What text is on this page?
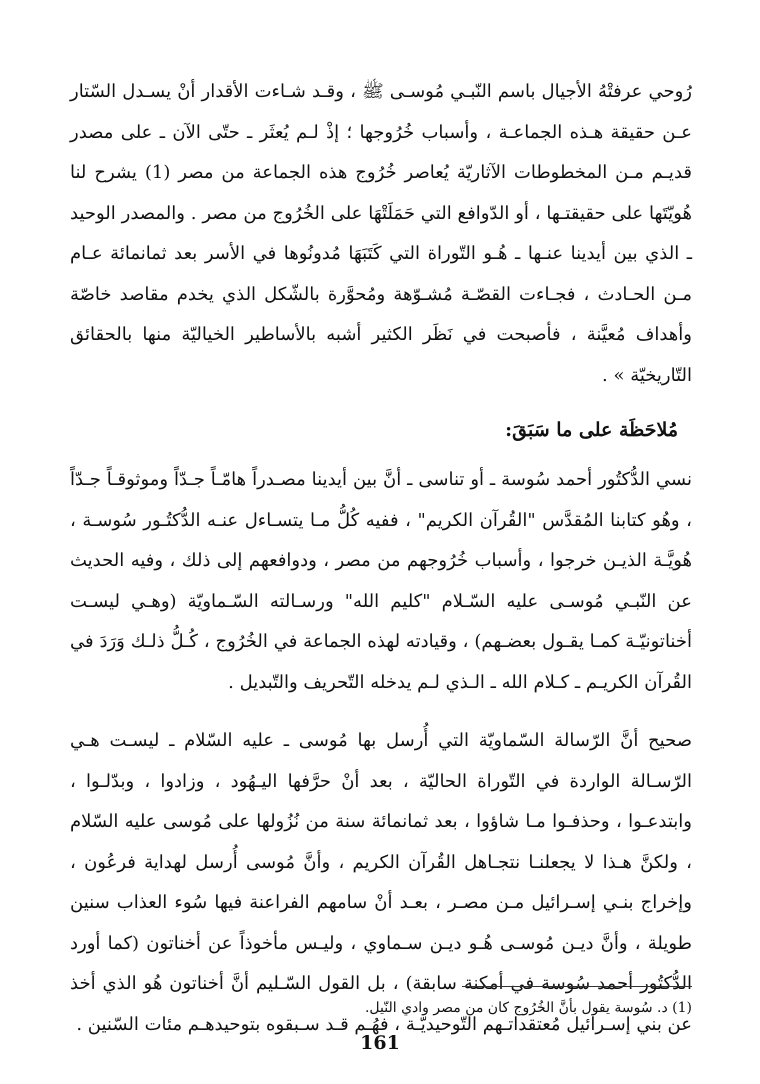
رُوحي عرفتْهُ الأجيال باسم النّبـي مُوسـى ﷺ ، وقـد شـاءت الأقدار أنْ يسـدل السّتار عـن حقيقة هـذه الجماعـة ، وأسباب خُرُوجها ؛ إذْ لـم يُعثَر ـ حتّى الآن ـ على مصدر قديـم مـن المخطوطات الآثاريّة يُعاصر خُرُوج هذه الجماعة من مصر (1) يشرح لنا هُويّتَها على حقيقتـها ، أو الدّوافع التي حَمَلَتْهَا على الخُرُوج من مصر . والمصدر الوحيد ـ الذي بين أيدينا عنـها ـ هُـو التّوراة التي كَتَبَهَا مُدونُوها في الأسر بعد ثمانمائة عـام مـن الحـادث ، فجـاءت القصّـة مُشـوّهة ومُحوَّرة بالشّكل الذي يخدم مقاصد خاصّة وأهداف مُعيَّنة ، فأصبحت في نَظَر الكثير أشبه بالأساطير الخياليّة منها بالحقائق التّاريخيّة » .

مُلاحَظَة على ما سَبَقَ:

نسي الدُّكتُور أحمد سُوسة ـ أو تناسى ـ أنَّ بين أيدينا مصـدراً هامّـاً جـدّاً وموثوقـاً جـدّاً ، وهُو كتابنا المُقدَّس "القُرآن الكريم" ، ففيه كُلُّ مـا يتسـاءل عنـه الدُّكتُـور سُوسـة ، هُويَّـة الذيـن خرجوا ، وأسباب خُرُوجهم من مصر ، ودوافعهم إلى ذلك ، وفيه الحديث عن النّبـي مُوسـى عليه السّـلام "كليم الله" ورسـالته السّـماويّة (وهـي ليسـت أخناتونيّـة كمـا يقـول بعضـهم) ، وقيادته لهذه الجماعة في الخُرُوج ، كُـلُّ ذلـك وَرَدَ في القُرآن الكريـم ـ كـلام الله ـ الـذي لـم يدخله التّحريف والتّبديل .

صحيح أنَّ الرّسالة السّماويّة التي أُرسل بها مُوسى ـ عليه السّلام ـ ليسـت هـي الرّسـالة الواردة في التّوراة الحاليّة ، بعد أنْ حرَّفها اليـهُود ، وزادوا ، وبدّلـوا ، وابتدعـوا ، وحذفـوا مـا شاؤوا ، بعد ثمانمائة سنة من نُزُولها على مُوسى عليه السّلام ، ولكنَّ هـذا لا يجعلنـا نتجـاهل القُرآن الكريم ، وأنَّ مُوسى أُرسل لهداية فرعُون ، وإخراج بنـي إسـرائيل مـن مصـر ، بعـد أنْ سامهم الفراعنة فيها سُوء العذاب سنين طويلة ، وأنَّ ديـن مُوسـى هُـو ديـن سـماوي ، وليـس مأخوذاً عن أخناتون (كما أورد الدُّكتُور أحمد سُوسة في أمكنة سابقة) ، بل القول السّـليم أنَّ أخناتون هُو الذي أخذ عن بني إسـرائيل مُعتقداتـهم التّوحيديّـة ، فهُـم قـد سـبقوه بتوحيدهـم مئات السّنين .

(1) د. سُوسة يقول بأنَّ الخُرُوج كان من مصر وادي النّيل.

161
